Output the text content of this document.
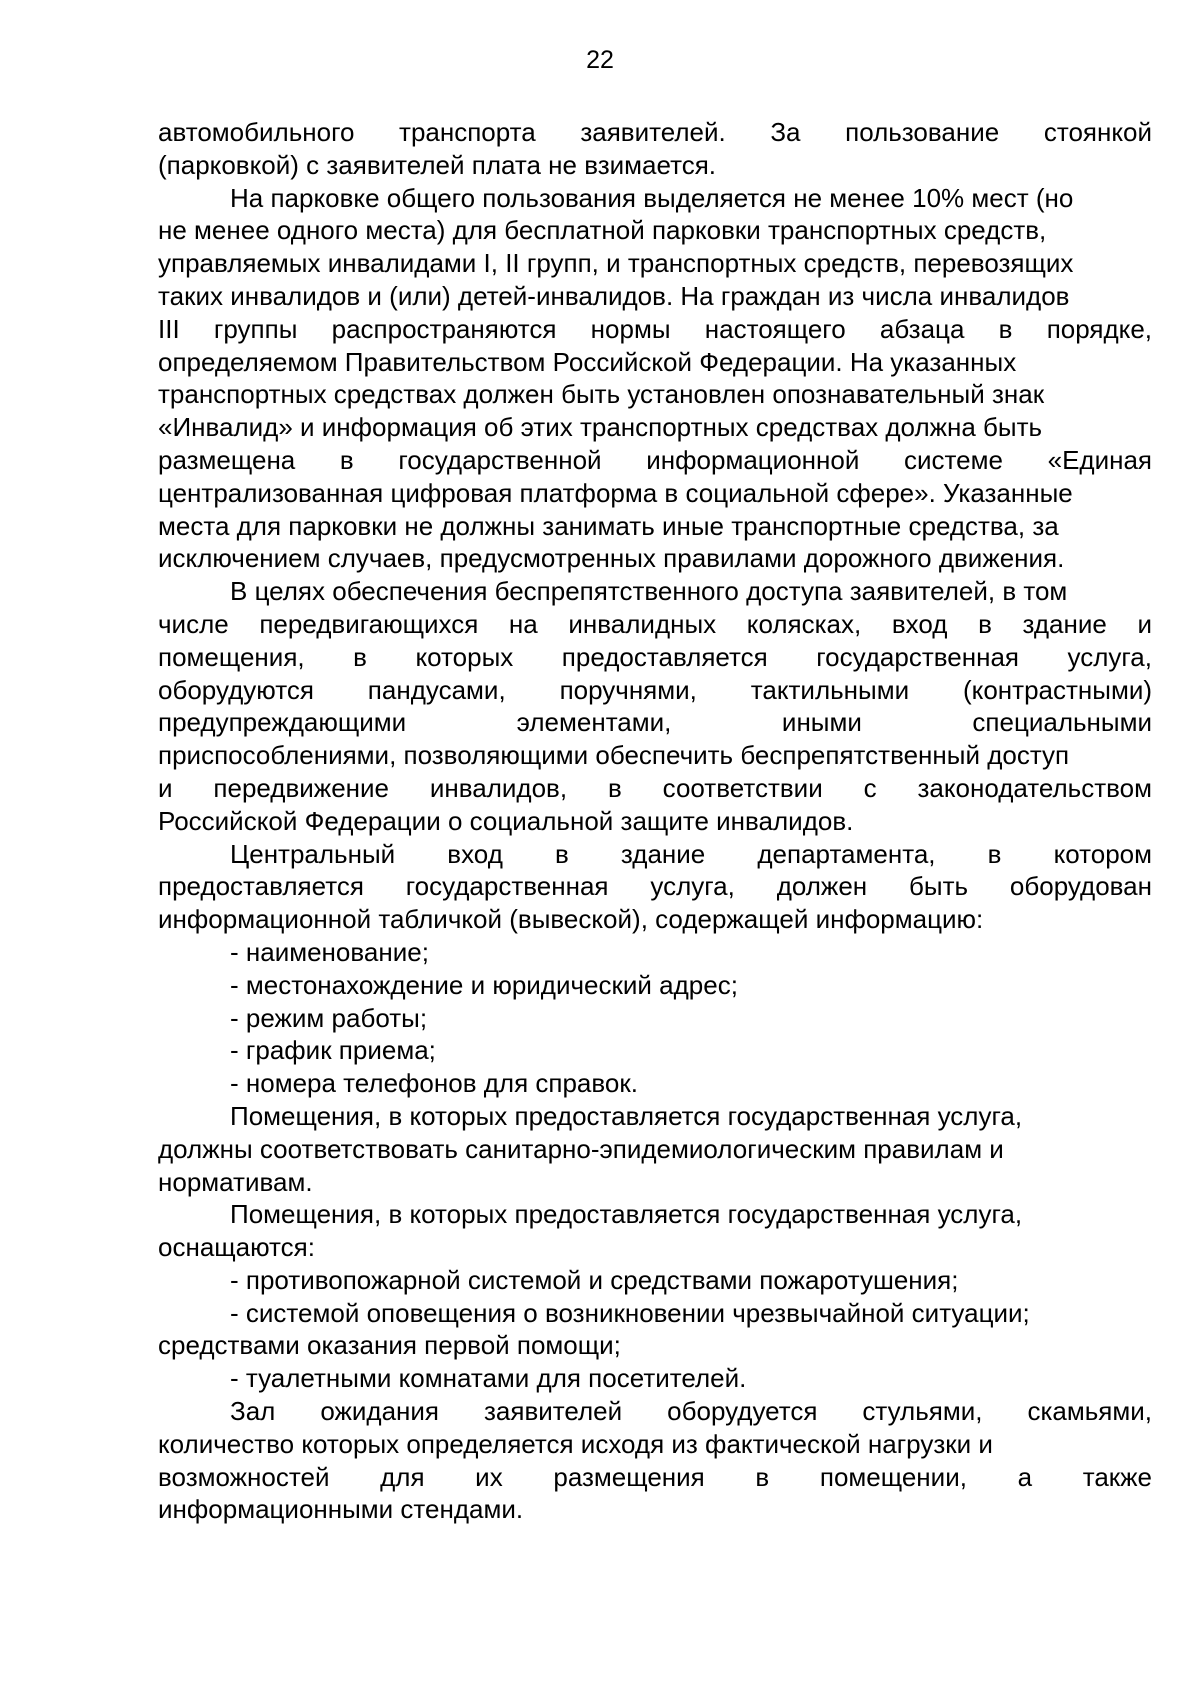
22
автомобильного транспорта заявителей. За пользование стоянкой
(парковкой) с заявителей плата не взимается.
На парковке общего пользования выделяется не менее 10% мест (но
не менее одного места) для бесплатной парковки транспортных средств,
управляемых инвалидами I, II групп, и транспортных средств, перевозящих
таких инвалидов и (или) детей-инвалидов. На граждан из числа инвалидов
III группы распространяются нормы настоящего абзаца в порядке,
определяемом Правительством Российской Федерации. На указанных
транспортных средствах должен быть установлен опознавательный знак
«Инвалид» и информация об этих транспортных средствах должна быть
размещена в государственной информационной системе «Единая
централизованная цифровая платформа в социальной сфере». Указанные
места для парковки не должны занимать иные транспортные средства, за
исключением случаев, предусмотренных правилами дорожного движения.
В целях обеспечения беспрепятственного доступа заявителей, в том
числе передвигающихся на инвалидных колясках, вход в здание и
помещения, в которых предоставляется государственная услуга,
оборудуются пандусами, поручнями, тактильными (контрастными)
предупреждающими элементами, иными специальными
приспособлениями, позволяющими обеспечить беспрепятственный доступ
и передвижение инвалидов, в соответствии с законодательством
Российской Федерации о социальной защите инвалидов.
Центральный вход в здание департамента, в котором
предоставляется государственная услуга, должен быть оборудован
информационной табличкой (вывеской), содержащей информацию:
- наименование;
- местонахождение и юридический адрес;
- режим работы;
- график приема;
- номера телефонов для справок.
Помещения, в которых предоставляется государственная услуга,
должны соответствовать санитарно-эпидемиологическим правилам и
нормативам.
Помещения, в которых предоставляется государственная услуга,
оснащаются:
- противопожарной системой и средствами пожаротушения;
- системой оповещения о возникновении чрезвычайной ситуации;
средствами оказания первой помощи;
- туалетными комнатами для посетителей.
Зал ожидания заявителей оборудуется стульями, скамьями,
количество которых определяется исходя из фактической нагрузки и
возможностей для их размещения в помещении, а также
информационными стендами.
